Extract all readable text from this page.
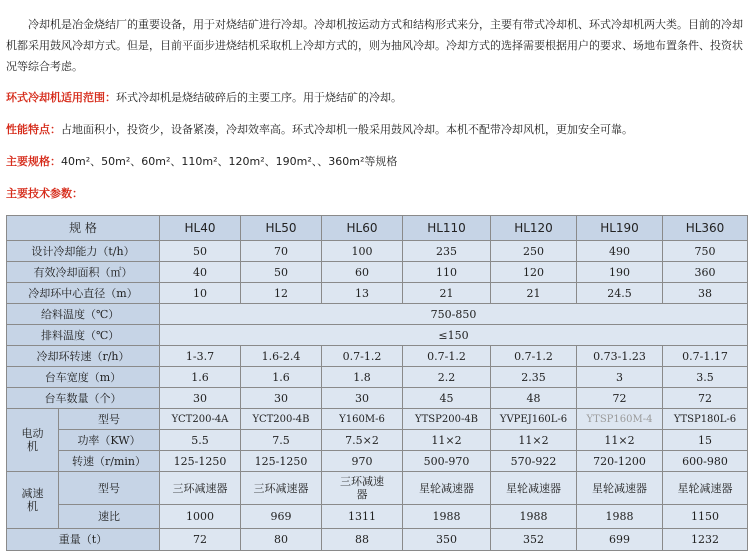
冷却机是冶金烧结厂的重要设备，用于对烧结矿进行冷却。冷却机按运动方式和结构形式来分，主要有带式冷却机、环式冷却机两大类。目前的冷却机都采用鼓风冷却方式。但是，目前平面步进烧结机采取机上冷却方式的，则为抽风冷却。冷却方式的选择需要根据用户的要求、场地布置条件、投资状况等综合考虑。
环式冷却机适用范围：环式冷却机是烧结破碎后的主要工序。用于烧结矿的冷却。
性能特点：占地面积小，投资少，设备紧凑，冷却效率高。环式冷却机一般采用鼓风冷却。本机不配带冷却风机，更加安全可靠。
主要规格：40m²、50m²、60m²、110m²、120m²、190m²、、360m²等规格
主要技术参数：
规 格		HL40	HL50	HL60	HL110	HL120	HL190	HL360
设计冷却能力（t/h）		50	70	100	235	250	490	750
有效冷却面积（㎡）		40	50	60	110	120	190	360
冷却环中心直径（m）		10	12	13	21	21	24.5	38
给料温度（℃）		750-850						
排料温度（℃）		≤150						
冷却环转速（r/h）		1-3.7	1.6-2.4	0.7-1.2	0.7-1.2	0.7-1.2	0.73-1.23	0.7-1.17
台车宽度（m）		1.6	1.6	1.8	2.2	2.35	3	3.5
台车数量（个）		30	30	30	45	48	72	72
电动机	型号	YCT200-4A	YCT200-4B	Y160M-6	YTSP200-4B	YVPEJ160L-6	YTSP160M-4	YTSP180L-6
	功率（KW）	5.5	7.5	7.5×2	11×2	11×2	11×2	15
	转速（r/min）	125-1250	125-1250	970	500-970	570-922	720-1200	600-980
减速机	型号	三环减速器	三环减速器	三环减速器	星轮减速器	星轮减速器	星轮减速器	星轮减速器
	速比	1000	969	1311	1988	1988	1988	1150
重量（t）		72	80	88	350	352	699	1232
